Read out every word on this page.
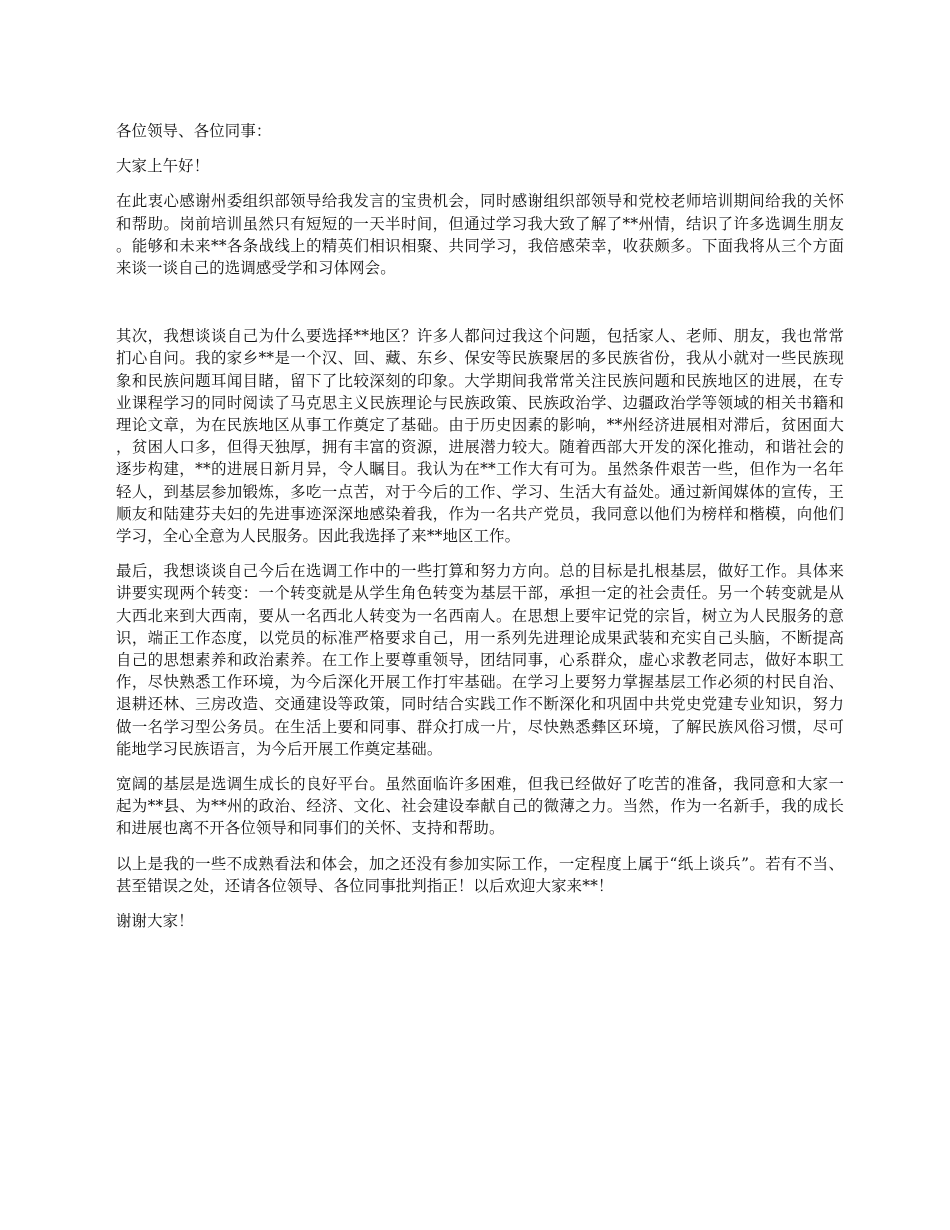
各位领导、各位同事：

大家上午好！

在此衷心感谢州委组织部领导给我发言的宝贵机会，同时感谢组织部领导和党校老师培训期间给我的关怀和帮助。岗前培训虽然只有短短的一天半时间，但通过学习我大致了解了**州情，结识了许多选调生朋友。能够和未来**各条战线上的精英们相识相聚、共同学习，我倍感荣幸，收获颇多。下面我将从三个方面来谈一谈自己的选调感受学和习体网会。

其次，我想谈谈自己为什么要选择**地区？许多人都问过我这个问题，包括家人、老师、朋友，我也常常扪心自问。我的家乡**是一个汉、回、藏、东乡、保安等民族聚居的多民族省份，我从小就对一些民族现象和民族问题耳闻目睹，留下了比较深刻的印象。大学期间我常常关注民族问题和民族地区的进展，在专业课程学习的同时阅读了马克思主义民族理论与民族政策、民族政治学、边疆政治学等领域的相关书籍和理论文章，为在民族地区从事工作奠定了基础。由于历史因素的影响，**州经济进展相对滞后，贫困面大，贫困人口多，但得天独厚，拥有丰富的资源，进展潜力较大。随着西部大开发的深化推动，和谐社会的逐步构建，**的进展日新月异，令人瞩目。我认为在**工作大有可为。虽然条件艰苦一些，但作为一名年轻人，到基层参加锻炼，多吃一点苦，对于今后的工作、学习、生活大有益处。通过新闻媒体的宣传，王顺友和陆建芬夫妇的先进事迹深深地感染着我，作为一名共产党员，我同意以他们为榜样和楷模，向他们学习，全心全意为人民服务。因此我选择了来**地区工作。

最后，我想谈谈自己今后在选调工作中的一些打算和努力方向。总的目标是扎根基层，做好工作。具体来讲要实现两个转变：一个转变就是从学生角色转变为基层干部，承担一定的社会责任。另一个转变就是从大西北来到大西南，要从一名西北人转变为一名西南人。在思想上要牢记党的宗旨，树立为人民服务的意识，端正工作态度，以党员的标准严格要求自己，用一系列先进理论成果武装和充实自己头脑，不断提高自己的思想素养和政治素养。在工作上要尊重领导，团结同事，心系群众，虚心求教老同志，做好本职工作，尽快熟悉工作环境，为今后深化开展工作打牢基础。在学习上要努力掌握基层工作必须的村民自治、退耕还林、三房改造、交通建设等政策，同时结合实践工作不断深化和巩固中共党史党建专业知识，努力做一名学习型公务员。在生活上要和同事、群众打成一片，尽快熟悉彝区环境，了解民族风俗习惯，尽可能地学习民族语言，为今后开展工作奠定基础。

宽阔的基层是选调生成长的良好平台。虽然面临许多困难，但我已经做好了吃苦的准备，我同意和大家一起为**县、为**州的政治、经济、文化、社会建设奉献自己的微薄之力。当然，作为一名新手，我的成长和进展也离不开各位领导和同事们的关怀、支持和帮助。

以上是我的一些不成熟看法和体会，加之还没有参加实际工作，一定程度上属于“纸上谈兵”。若有不当、甚至错误之处，还请各位领导、各位同事批判指正！以后欢迎大家来**！

谢谢大家！
